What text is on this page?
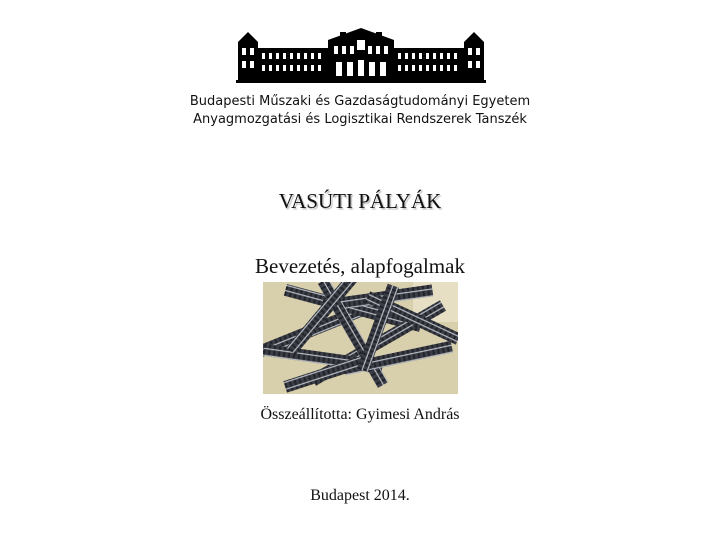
Budapesti Műszaki és Gazdaságtudományi Egyetem
Anyagmozgatási és Logisztikai Rendszerek Tanszék
VASÚTI PÁLYÁK
Bevezetés, alapfogalmak
Összeállította: Gyimesi András
Budapest 2014.
